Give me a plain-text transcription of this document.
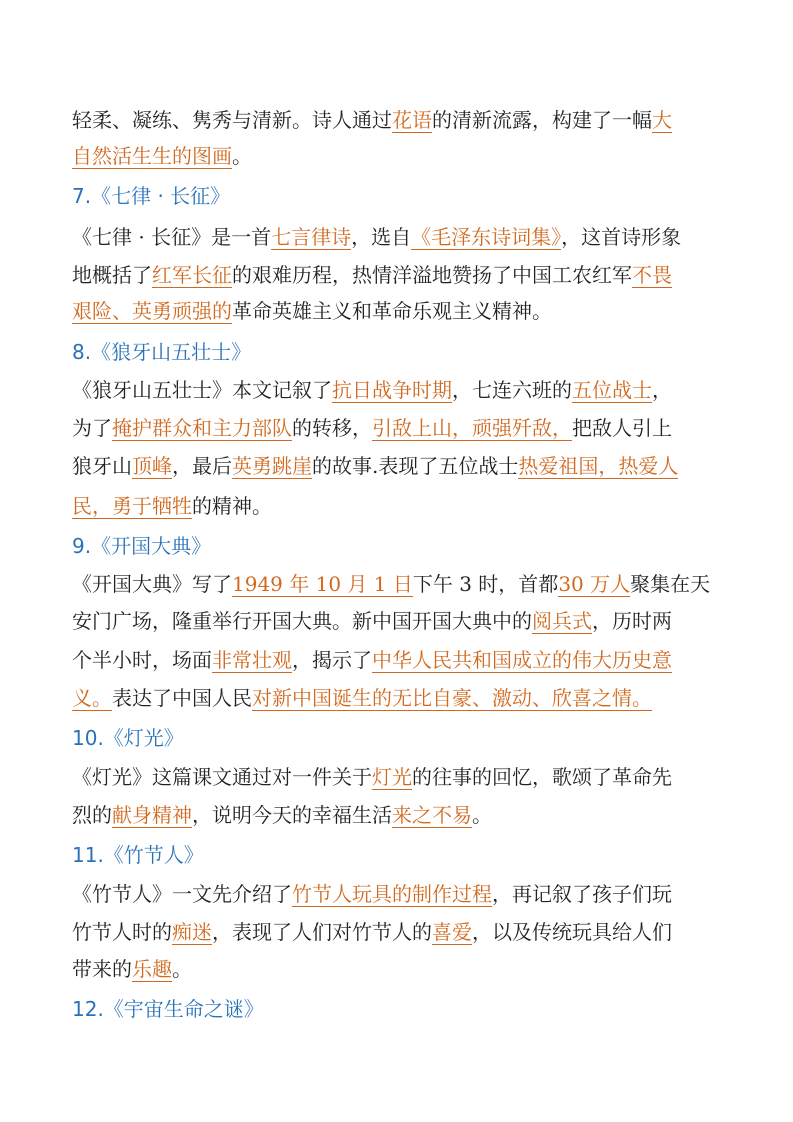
轻柔、凝练、隽秀与清新。诗人通过花语的清新流露，构建了一幅大
自然活生生的图画。
7.《七律 · 长征》
《七律 · 长征》是一首七言律诗，选自《毛泽东诗词集》，这首诗形象
地概括了红军长征的艰难历程，热情洋溢地赞扬了中国工农红军不畏
艰险、英勇顽强的革命英雄主义和革命乐观主义精神。
8.《狼牙山五壮士》
《狼牙山五壮士》本文记叙了抗日战争时期，七连六班的五位战士，
为了掩护群众和主力部队的转移，引敌上山，顽强歼敌，把敌人引上
狼牙山顶峰，最后英勇跳崖的故事.表现了五位战士热爱祖国，热爱人
民，勇于牺牲的精神。
9.《开国大典》
《开国大典》写了1949 年 10 月 1 日下午 3 时，首都30 万人聚集在天
安门广场，隆重举行开国大典。新中国开国大典中的阅兵式，历时两
个半小时，场面非常壮观，揭示了中华人民共和国成立的伟大历史意
义。表达了中国人民对新中国诞生的无比自豪、激动、欣喜之情。
10.《灯光》
《灯光》这篇课文通过对一件关于灯光的往事的回忆，歌颂了革命先
烈的献身精神，说明今天的幸福生活来之不易。
11.《竹节人》
《竹节人》一文先介绍了竹节人玩具的制作过程，再记叙了孩子们玩
竹节人时的痴迷，表现了人们对竹节人的喜爱，以及传统玩具给人们
带来的乐趣。
12.《宇宙生命之谜》
